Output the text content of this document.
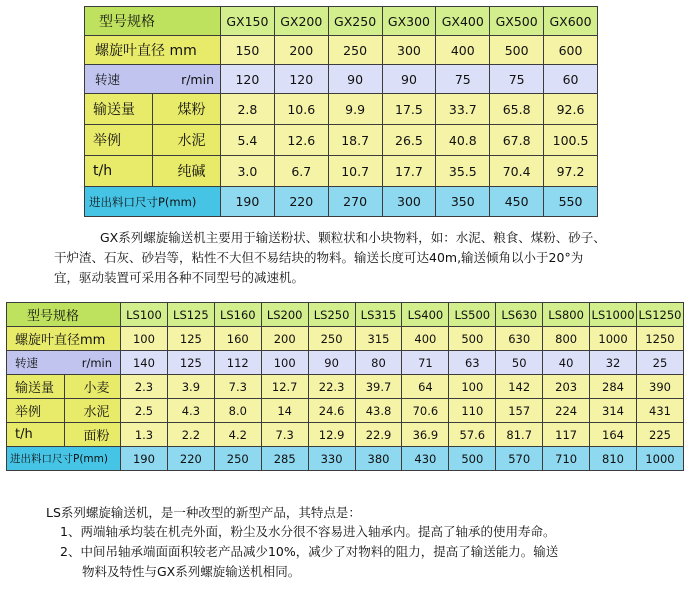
型号规格		GX150	GX200	GX250	GX300	GX400	GX500	GX600
螺旋叶直径 mm		150	200	250	300	400	500	600

转速 r/min		120	120	90	90	75	75	60
输送量	煤粉	2.8	10.6	9.9	17.5	33.7	65.8	92.6
举例	水泥	5.4	12.6	18.7	26.5	40.8	67.8	100.5
t/h	纯碱	3.0	6.7	10.7	17.7	35.5	70.4	97.2
进出料口尺寸P(mm)		190	220	270	300	350	450	550
GX系列螺旋输送机主要用于输送粉状、颗粒状和小块物料，如：水泥、粮食、煤粉、砂子、
干炉渣、石灰、砂岩等，粘性不大但不易结块的物料。输送长度可达40m,输送倾角以小于20°为
宜，驱动装置可采用各种不同型号的减速机。
型号规格		LS100	LS125	LS160	LS200	LS250	LS315	LS400	LS500	LS630	LS800	LS1000	LS1250
螺旋叶直径mm		100	125	160	200	250	315	400	500	630	800	1000	1250

转速 r/min		140	125	112	100	90	80	71	63	50	40	32	25
输送量	小麦	2.3	3.9	7.3	12.7	22.3	39.7	64	100	142	203	284	390
举例	水泥	2.5	4.3	8.0	14	24.6	43.8	70.6	110	157	224	314	431
t/h	面粉	1.3	2.2	4.2	7.3	12.9	22.9	36.9	57.6	81.7	117	164	225
进出料口尺寸P(mm)		190	220	250	285	330	380	430	500	570	710	810	1000
LS系列螺旋输送机，是一种改型的新型产品，其特点是：
1、两端轴承均装在机壳外面，粉尘及水分很不容易进入轴承内。提高了轴承的使用寿命。
2、中间吊轴承端面面积较老产品减少10%，减少了对物料的阻力，提高了输送能力。输送
物料及特性与GX系列螺旋输送机相同。
